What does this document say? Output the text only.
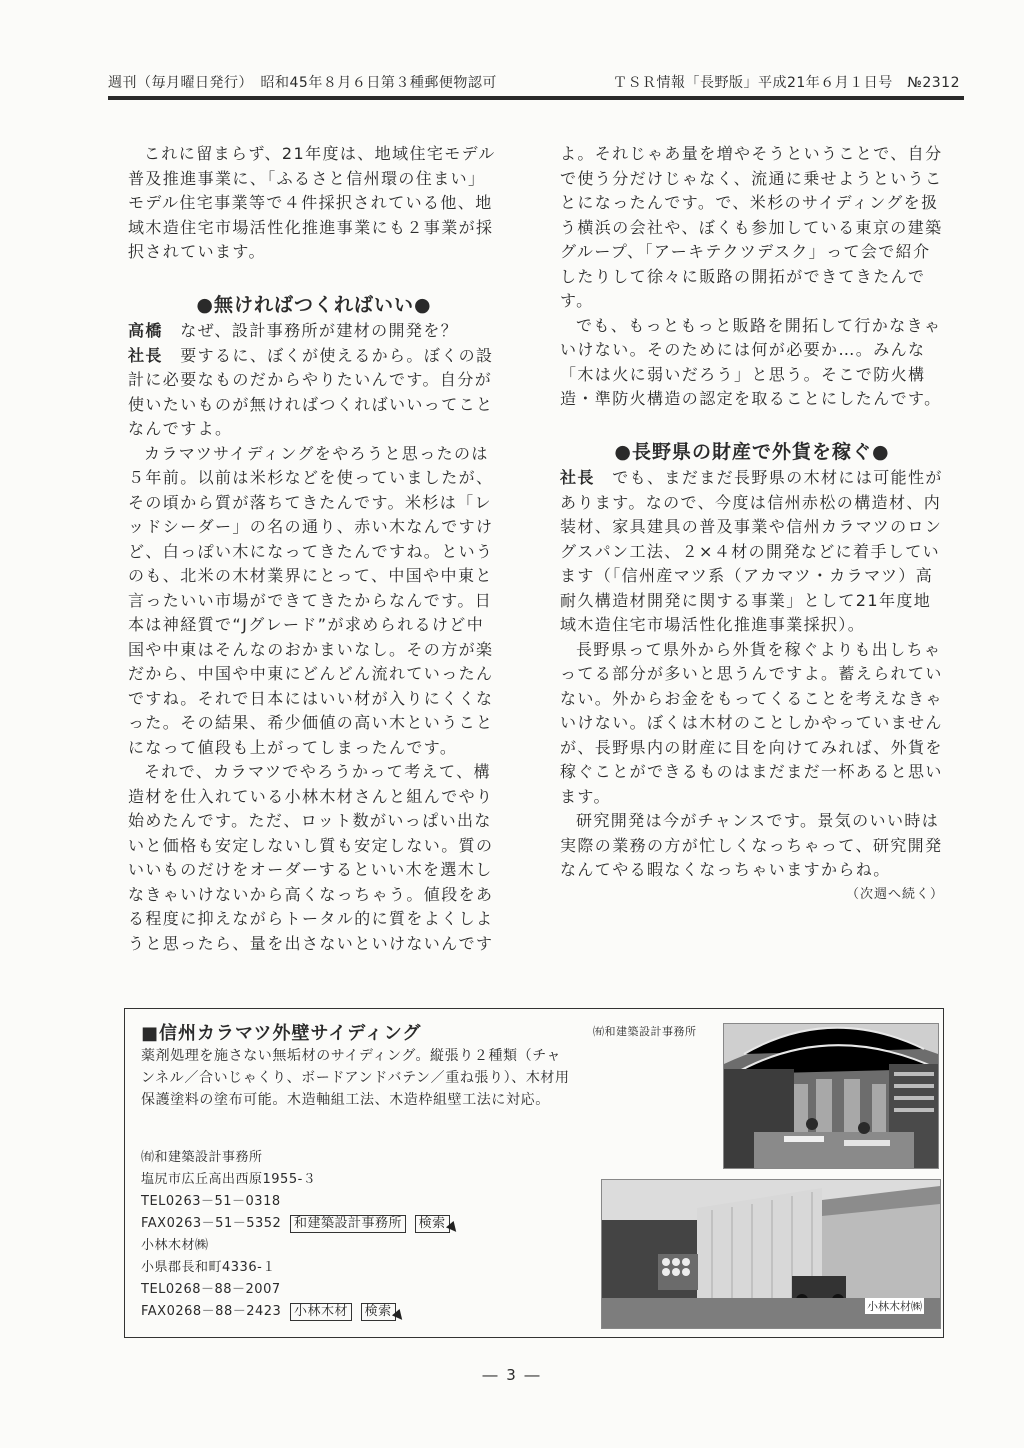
週刊（毎月曜日発行）　昭和45年８月６日第３種郵便物認可	ＴＳＲ情報「長野版」平成21年６月１日号　№2312

これに留まらず、21年度は、地域住宅モデル普及推進事業に、「ふるさと信州環の住まい」モデル住宅事業等で４件採択されている他、地域木造住宅市場活性化推進事業にも２事業が採択されています。

●無ければつくればいい●

高橋　なぜ、設計事務所が建材の開発を？

社長　要するに、ぼくが使えるから。ぼくの設計に必要なものだからやりたいんです。自分が使いたいものが無ければつくればいいってことなんですよ。

カラマツサイディングをやろうと思ったのは５年前。以前は米杉などを使っていましたが、その頃から質が落ちてきたんです。米杉は「レッドシーダー」の名の通り、赤い木なんですけど、白っぽい木になってきたんですね。というのも、北米の木材業界にとって、中国や中東と言ったいい市場ができてきたからなんです。日本は神経質で“Jグレード”が求められるけど中国や中東はそんなのおかまいなし。その方が楽だから、中国や中東にどんどん流れていったんですね。それで日本にはいい材が入りにくくなった。その結果、希少価値の高い木ということになって値段も上がってしまったんです。

それで、カラマツでやろうかって考えて、構造材を仕入れている小林木材さんと組んでやり始めたんです。ただ、ロット数がいっぱい出ないと価格も安定しないし質も安定しない。質のいいものだけをオーダーするといい木を選木しなきゃいけないから高くなっちゃう。値段をある程度に抑えながらトータル的に質をよくしようと思ったら、量を出さないといけないんです

よ。それじゃあ量を増やそうということで、自分で使う分だけじゃなく、流通に乗せようということになったんです。で、米杉のサイディングを扱う横浜の会社や、ぼくも参加している東京の建築グループ、「アーキテクツデスク」って会で紹介したりして徐々に販路の開拓ができてきたんです。

でも、もっともっと販路を開拓して行かなきゃいけない。そのためには何が必要か…。みんな「木は火に弱いだろう」と思う。そこで防火構造・準防火構造の認定を取ることにしたんです。

●長野県の財産で外貨を稼ぐ●

社長　でも、まだまだ長野県の木材には可能性があります。なので、今度は信州赤松の構造材、内装材、家具建具の普及事業や信州カラマツのロングスパン工法、２×４材の開発などに着手しています（「信州産マツ系（アカマツ・カラマツ）高耐久構造材開発に関する事業」として21年度地域木造住宅市場活性化推進事業採択）。

長野県って県外から外貨を稼ぐよりも出しちゃってる部分が多いと思うんですよ。蓄えられていない。外からお金をもってくることを考えなきゃいけない。ぼくは木材のことしかやっていませんが、長野県内の財産に目を向けてみれば、外貨を稼ぐことができるものはまだまだ一杯あると思います。

研究開発は今がチャンスです。景気のいい時は実際の業務の方が忙しくなっちゃって、研究開発なんてやる暇なくなっちゃいますからね。

（次週へ続く）

■信州カラマツ外壁サイディング
薬剤処理を施さない無垢材のサイディング。縦張り２種類（チャンネル／合いじゃくり、ボードアンドバテン／重ね張り）、木材用保護塗料の塗布可能。木造軸組工法、木造枠組壁工法に対応。
㈲和建築設計事務所
塩尻市広丘高出西原1955‐３
TEL0263－51－0318
FAX0263－51－5352 和建築設計事務所 検索
小林木材㈱
小県郡長和町4336‐１
TEL0268－88－2007
FAX0268－88－2423 小林木材 検索
㈲和建築設計事務所
小林木材㈱
― 3 ―
